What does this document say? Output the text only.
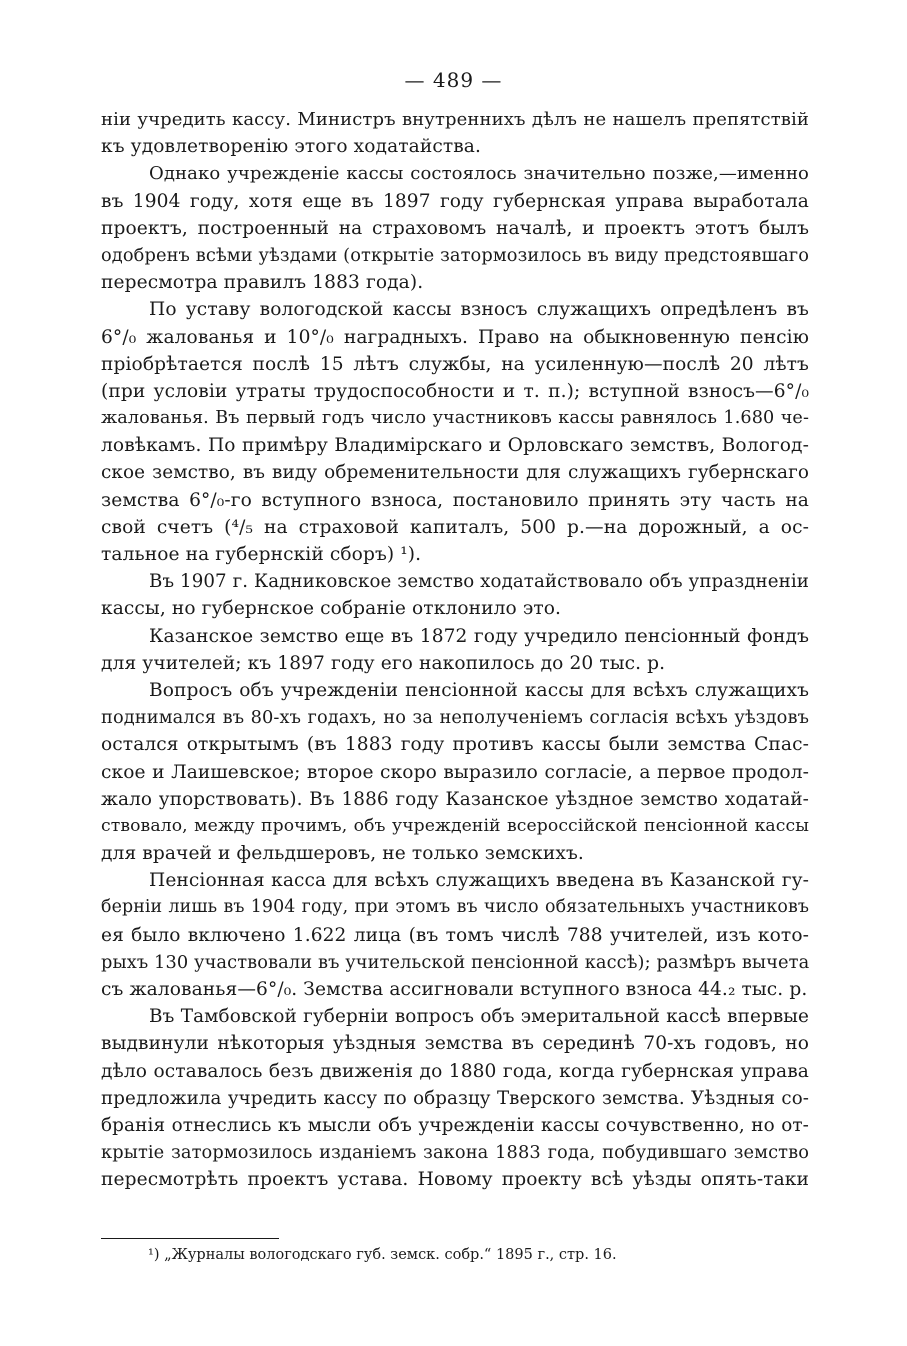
— 489 —
ніи учредить кассу. Министръ внутреннихъ дѣлъ не нашелъ препятствій
къ удовлетворенію этого ходатайства.
Однако учрежденіе кассы состоялось значительно позже,—именно
въ 1904 году, хотя еще въ 1897 году губернская управа выработала
проектъ, построенный на страховомъ началѣ, и проектъ этотъ былъ
одобренъ всѣми уѣздами (открытіе затормозилось въ виду предстоявшаго
пересмотра правилъ 1883 года).
По уставу вологодской кассы взносъ служащихъ опредѣленъ въ
6°/₀ жалованья и 10°/₀ наградныхъ. Право на обыкновенную пенсію
пріобрѣтается послѣ 15 лѣтъ службы, на усиленную—послѣ 20 лѣтъ
(при условіи утраты трудоспособности и т. п.); вступной взносъ—6°/₀
жалованья. Въ первый годъ число участниковъ кассы равнялось 1.680 че-
ловѣкамъ. По примѣру Владимірскаго и Орловскаго земствъ, Вологод-
ское земство, въ виду обременительности для служащихъ губернскаго
земства 6°/₀-го вступного взноса, постановило принять эту часть на
свой счетъ (⁴/₅ на страховой капиталъ, 500 р.—на дорожный, а ос-
тальное на губернскій сборъ) ¹).
Въ 1907 г. Кадниковское земство ходатайствовало объ упраздненіи
кассы, но губернское собраніе отклонило это.
Казанское земство еще въ 1872 году учредило пенсіонный фондъ
для учителей; къ 1897 году его накопилось до 20 тыс. р.
Вопросъ объ учрежденіи пенсіонной кассы для всѣхъ служащихъ
поднимался въ 80-хъ годахъ, но за неполученіемъ согласія всѣхъ уѣздовъ
остался открытымъ (въ 1883 году противъ кассы были земства Спас-
ское и Лаишевское; второе скоро выразило согласіе, а первое продол-
жало упорствовать). Въ 1886 году Казанское уѣздное земство ходатай-
ствовало, между прочимъ, объ учрежденій всероссійской пенсіонной кассы
для врачей и фельдшеровъ, не только земскихъ.
Пенсіонная касса для всѣхъ служащихъ введена въ Казанской гу-
берніи лишь въ 1904 году, при этомъ въ число обязательныхъ участниковъ
ея было включено 1.622 лица (въ томъ числѣ 788 учителей, изъ кото-
рыхъ 130 участвовали въ учительской пенсіонной кассѣ); размѣръ вычета
съ жалованья—6°/₀. Земства ассигновали вступного взноса 44.₂ тыс. р.
Въ Тамбовской губерніи вопросъ объ эмеритальной кассѣ впервые
выдвинули нѣкоторыя уѣздныя земства въ серединѣ 70-хъ годовъ, но
дѣло оставалось безъ движенія до 1880 года, когда губернская управа
предложила учредить кассу по образцу Тверского земства. Уѣздныя со-
бранія отнеслись къ мысли объ учрежденіи кассы сочувственно, но от-
крытіе затормозилось изданіемъ закона 1883 года, побудившаго земство
пересмотрѣть проектъ устава. Новому проекту всѣ уѣзды опять-таки
¹) „Журналы вологодскаго губ. земск. собр.“ 1895 г., стр. 16.
